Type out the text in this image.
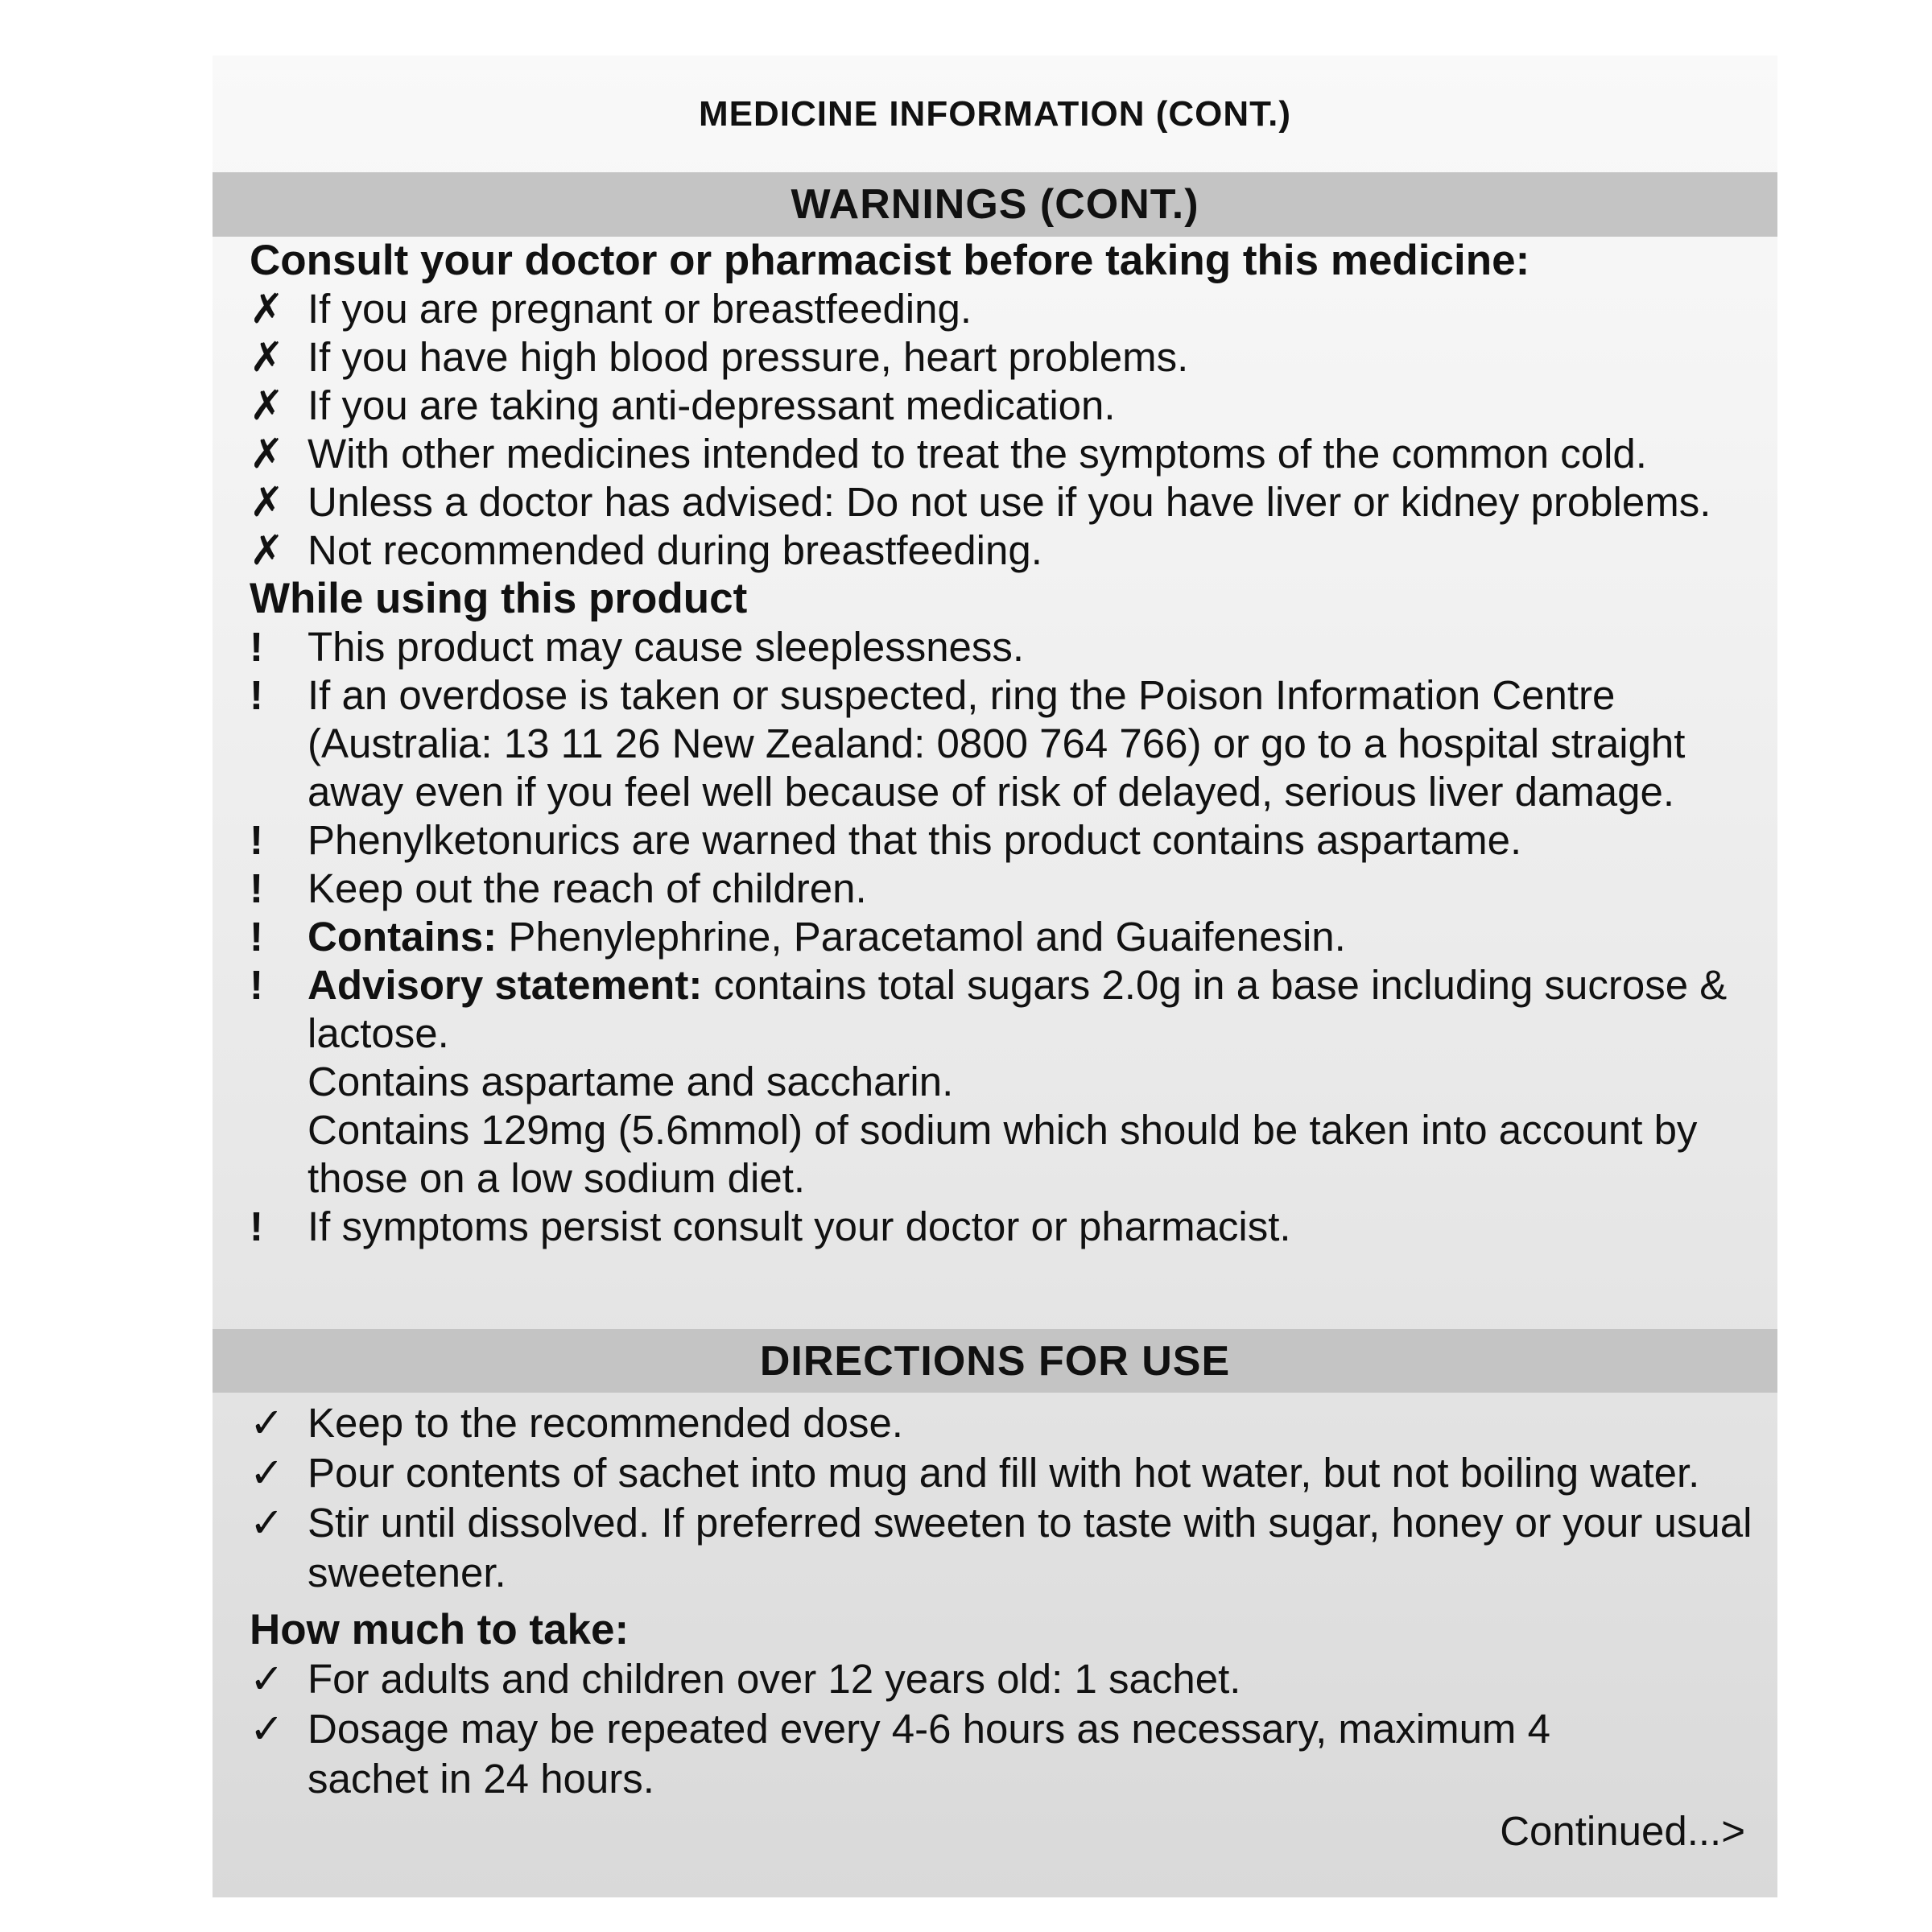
MEDICINE INFORMATION (CONT.)
WARNINGS (CONT.)
Consult your doctor or pharmacist before taking this medicine:
✗ If you are pregnant or breastfeeding.
✗ If you have high blood pressure, heart problems.
✗ If you are taking anti-depressant medication.
✗ With other medicines intended to treat the symptoms of the common cold.
✗ Unless a doctor has advised: Do not use if you have liver or kidney problems.
✗ Not recommended during breastfeeding.
While using this product
!	This product may cause sleeplessness.
!	If an overdose is taken or suspected, ring the Poison Information Centre (Australia: 13 11 26 New Zealand: 0800 764 766) or go to a hospital straight away even if you feel well because of risk of delayed, serious liver damage.
!	Phenylketonurics are warned that this product contains aspartame.
!	Keep out the reach of children.
!	Contains: Phenylephrine, Paracetamol and Guaifenesin.
!	Advisory statement: contains total sugars 2.0g in a base including sucrose & lactose.
Contains aspartame and saccharin.
Contains 129mg (5.6mmol) of sodium which should be taken into account by those on a low sodium diet.
!	If symptoms persist consult your doctor or pharmacist.
DIRECTIONS FOR USE
✓ Keep to the recommended dose.
✓ Pour contents of sachet into mug and fill with hot water, but not boiling water.
✓ Stir until dissolved. If preferred sweeten to taste with sugar, honey or your usual sweetener.
How much to take:
✓ For adults and children over 12 years old: 1 sachet.
✓ Dosage may be repeated every 4-6 hours as necessary, maximum 4 sachet in 24 hours.
Continued...>
